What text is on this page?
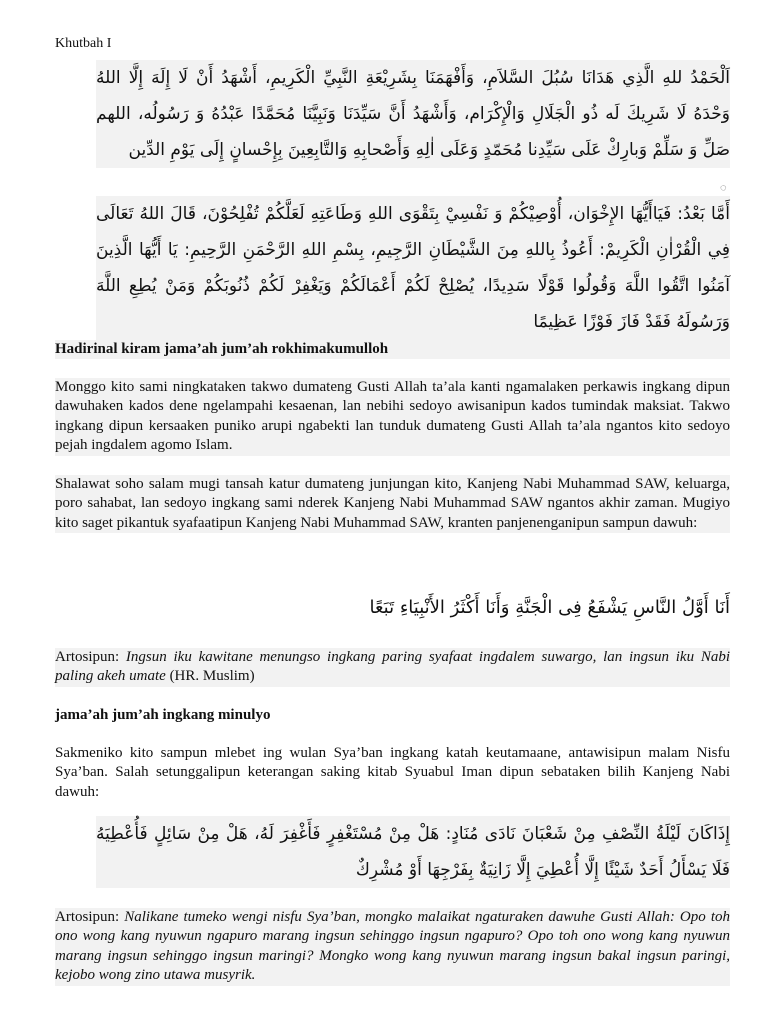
Khutbah I
اَلْحَمْدُ للهِ الَّذِي هَدَانَا سُبُلَ السَّلاَمِ، وَأَفْهَمَنَا بِشَرِيْعَةِ النَّبِيِّ الْكَرِيمِ، أَشْهَدُ أَنْ لَا إِلَهَ إِلَّا اللهُ وَحْدَهُ لَا شَرِيكَ لَه ذُو الْجَلَالِ وَالْإِكْرَام، وَأَشْهَدُ أَنَّ سَيِّدَنَا وَنَبِيَّنَا مُحَمَّدًا عَبْدُهُ وَ رَسُولُه، اللهم صَلِّ وَ سَلِّمْ وَبارِكْ عَلَى سَيِّدِنا مُحَمّدٍ وَعَلَى اٰلِهِ وَأَصْحابِهِ وَالتَّابِعِينَ بِإِحْسانٍ إِلَى يَوْمِ الدِّين
◌
أَمَّا بَعْدُ: فَيَاأَيُّهَا الإِخْوَان، أُوْصِيْكُمْ وَ نَفْسِيْ بِتَقْوَى اللهِ وَطَاعَتِهِ لَعَلَّكُمْ تُفْلِحُوْنَ، قَالَ اللهُ تَعَالَى فِي الْقُرْاٰنِ الْكَرِيمْ: أَعُوذُ بِاللهِ مِنَ الشَّيْطَانِ الرَّجِيمِ، بِسْمِ اللهِ الرَّحْمَنِ الرَّحِيمِ: يَا أَيُّهَا الَّذِينَ آمَنُوا اتَّقُوا اللَّهَ وَقُولُوا قَوْلًا سَدِيدًا، يُصْلِحْ لَكُمْ أَعْمَالَكُمْ وَيَغْفِرْ لَكُمْ ذُنُوبَكُمْ وَمَنْ يُطِعِ اللَّهَ وَرَسُولَهُ فَقَدْ فَازَ فَوْزًا عَظِيمًا
Hadirinal kiram jama’ah jum’ah rokhimakumulloh
Monggo kito sami ningkataken takwo dumateng Gusti Allah ta’ala kanti ngamalaken perkawis ingkang dipun dawuhaken kados dene ngelampahi kesaenan, lan nebihi sedoyo awisanipun kados tumindak maksiat. Takwo ingkang dipun kersaaken puniko arupi ngabekti lan tunduk dumateng Gusti Allah ta’ala ngantos kito sedoyo pejah ingdalem agomo Islam.
Shalawat soho salam mugi tansah katur dumateng junjungan kito, Kanjeng Nabi Muhammad SAW, keluarga, poro sahabat, lan sedoyo ingkang sami nderek Kanjeng Nabi Muhammad SAW ngantos akhir zaman. Mugiyo kito saget pikantuk syafaatipun Kanjeng Nabi Muhammad SAW, kranten panjenenganipun sampun dawuh:
أَنَا أَوَّلُ النَّاسِ يَشْفَعُ فِى الْجَنَّةِ وَأَنَا أَكْثَرُ الأَنْبِيَاءِ تَبَعًا
Artosipun: Ingsun iku kawitane menungso ingkang paring syafaat ingdalem suwargo, lan ingsun iku Nabi paling akeh umate (HR. Muslim)
jama’ah jum’ah ingkang minulyo
Sakmeniko kito sampun mlebet ing wulan Sya’ban ingkang katah keutamaane, antawisipun malam Nisfu Sya’ban. Salah setunggalipun keterangan saking kitab Syuabul Iman dipun sebataken bilih Kanjeng Nabi dawuh:
إِذَاكَانَ لَيْلَةُ النِّصْفِ مِنْ شَعْبَانَ نَادَى مُنَادٍ: هَلْ مِنْ مُسْتَغْفِرٍ فَأَغْفِرَ لَهُ، هَلْ مِنْ سَائِلٍ فَأُعْطِيَهُ فَلَا يَسْأَلُ أَحَدٌ شَيْئًا إِلَّا أُعْطِيَ إِلَّا زَانِيَةٌ بِفَرْجِهَا أَوْ مُشْرِكٌ
Artosipun: Nalikane tumeko wengi nisfu Sya’ban, mongko malaikat ngaturaken dawuhe Gusti Allah: Opo toh ono wong kang nyuwun ngapuro marang ingsun sehinggo ingsun ngapuro? Opo toh ono wong kang nyuwun marang ingsun sehinggo ingsun maringi? Mongko wong kang nyuwun marang ingsun bakal ingsun paringi, kejobo wong zino utawa musyrik.
